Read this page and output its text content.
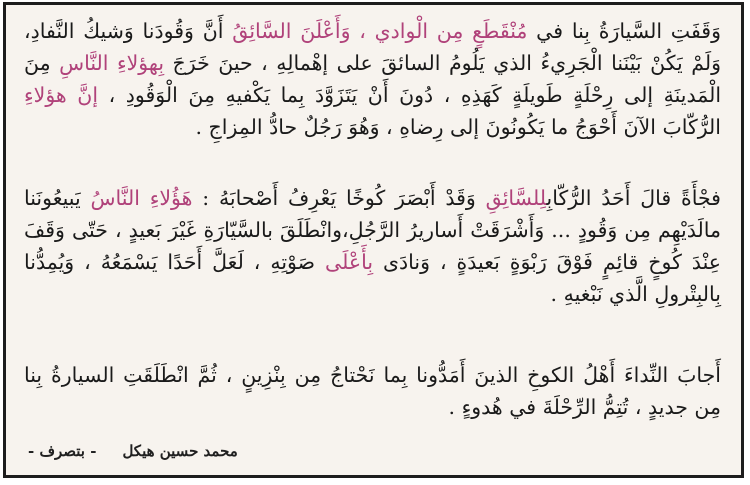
وَقَفَتِ السَّيارَةُ بِنا في مُنْقَطَعٍ مِن الْوادي ، وَأَعْلَنَ السَّائِقُ أَنَّ وَقُودَنا وَشيكُ النَّفادِ، وَلَمْ يَكُنْ بَيْنَنا الْجَرِيءُ الذي يَلُومُ السائقَ على إهْمالِهِ ، حينَ خَرَجَ بِهؤلاءِ النَّاسِ مِنَ الْمَدينَةِ إلى رِحْلَةٍ طَويلَةٍ كَهَذِهِ ، دُونَ أَنْ يَتَزَوَّدَ بِما يَكْفيهِ مِنَ الْوَقُودِ ، إنَّ هؤلاءِ الرُّكّابَ الآنَ أَحْوَجُ ما يَكُونُونَ إلى رِضاهِ ، وَهُوَ رَجُلٌ حادُّ المِزاجِ .

فجْأَةً قالَ أَحَدُ الرُّكّابِلِلسَّائِقِ وَقَدْ أَبْصَرَ كُوخًا يَعْرِفُ أَصْحابَهُ : هَؤُلاءِ النَّاسُ يَبيعُونَنا مالَدَيْهِم مِن وَقُودٍ ... وَأَشْرَقَتْ أَساريرُ الرَّجُلِ،وانْطَلَقَ بالسَّيّارَةِ غَيْرَ بَعيدٍ ، حَتّى وَقَفَ عِنْدَ كُوخٍ قائِمٍ فَوْقَ رَبْوَةٍ بَعيدَةٍ ، وَنادَى بِأَعْلَى صَوْتِهِ ، لَعَلَّ أَحَدًا يَسْمَعُهُ ، وَيُمِدُّنا بِالبِتْرولِ الَّذي نَبْغيهِ .

أَجابَ النِّداءَ أَهْلُ الكوخِ الذينَ أَمَدُّونا بِما نَحْتاجُ مِن بِنْزِينٍ ، ثُمَّ انْطَلَقَتِ السيارةُ بِنا مِن جديدٍ ، تُتِمُّ الرِّحْلَةَ في هُدوءٍ .

محمد حسين هيكل- بتصرف -
